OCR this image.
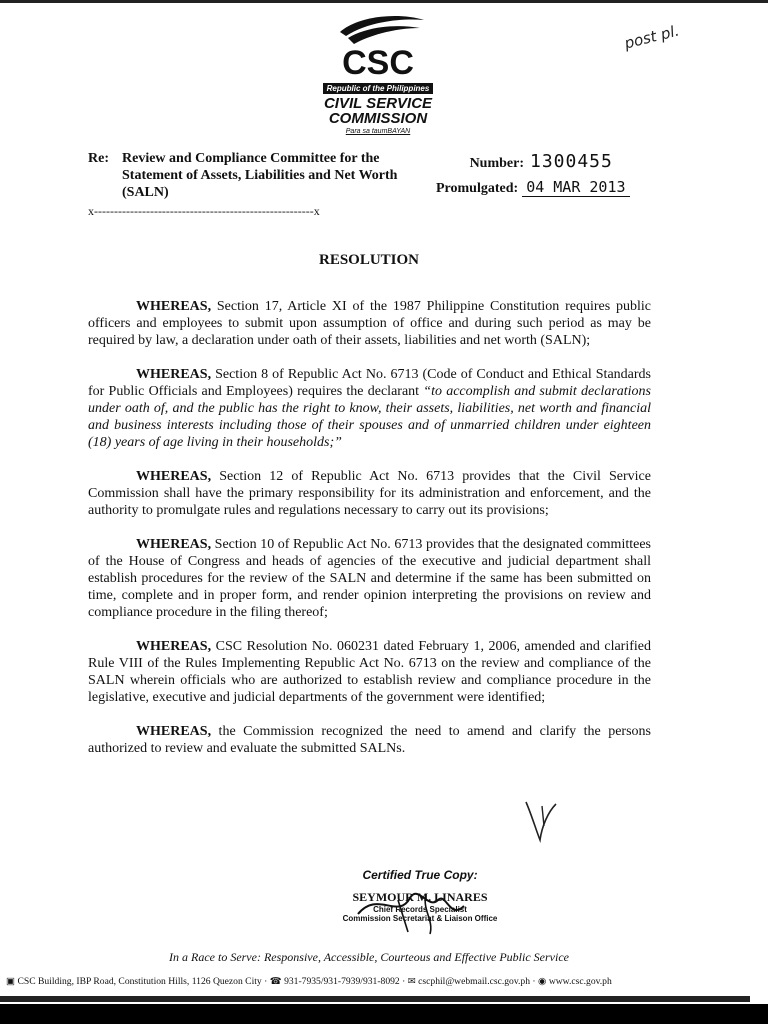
CSC
Republic of the Philippines
CIVIL SERVICE
COMMISSION
Para sa taumBAYAN
post pl.
Re: Review and Compliance Committee for the Statement of Assets, Liabilities and Net Worth (SALN)
Number: 1300455
Promulgated: 04 MAR 2013
x-------------------------------------------------------x
RESOLUTION

WHEREAS, Section 17, Article XI of the 1987 Philippine Constitution requires public officers and employees to submit upon assumption of office and during such period as may be required by law, a declaration under oath of their assets, liabilities and net worth (SALN);

WHEREAS, Section 8 of Republic Act No. 6713 (Code of Conduct and Ethical Standards for Public Officials and Employees) requires the declarant “to accomplish and submit declarations under oath of, and the public has the right to know, their assets, liabilities, net worth and financial and business interests including those of their spouses and of unmarried children under eighteen (18) years of age living in their households;”

WHEREAS, Section 12 of Republic Act No. 6713 provides that the Civil Service Commission shall have the primary responsibility for its administration and enforcement, and the authority to promulgate rules and regulations necessary to carry out its provisions;

WHEREAS, Section 10 of Republic Act No. 6713 provides that the designated committees of the House of Congress and heads of agencies of the executive and judicial department shall establish procedures for the review of the SALN and determine if the same has been submitted on time, complete and in proper form, and render opinion interpreting the provisions on review and compliance procedure in the filing thereof;

WHEREAS, CSC Resolution No. 060231 dated February 1, 2006, amended and clarified Rule VIII of the Rules Implementing Republic Act No. 6713 on the review and compliance of the SALN wherein officials who are authorized to establish review and compliance procedure in the legislative, executive and judicial departments of the government were identified;

WHEREAS, the Commission recognized the need to amend and clarify the persons authorized to review and evaluate the submitted SALNs.

Certified True Copy:
SEYMOUR M. LINARES
Chief Records Specialist
Commission Secretariat & Liaison Office
In a Race to Serve: Responsive, Accessible, Courteous and Effective Public Service
▣ CSC Building, IBP Road, Constitution Hills, 1126 Quezon City · ☎ 931-7935/931-7939/931-8092 · ✉ cscphil@webmail.csc.gov.ph · ◉ www.csc.gov.ph
